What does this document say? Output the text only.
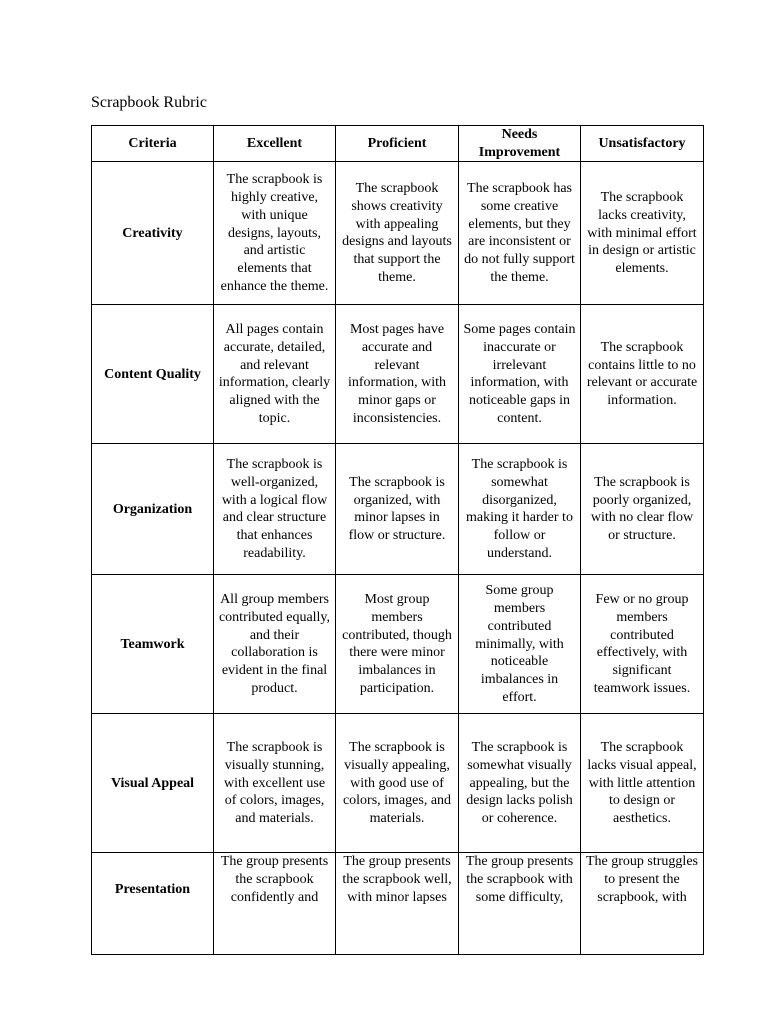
Scrapbook Rubric
Criteria	Excellent	Proficient	Needs Improvement	Unsatisfactory
Creativity	The scrapbook is highly creative, with unique designs, layouts, and artistic elements that enhance the theme.	The scrapbook shows creativity with appealing designs and layouts that support the theme.	The scrapbook has some creative elements, but they are inconsistent or do not fully support the theme.	The scrapbook lacks creativity, with minimal effort in design or artistic elements.
Content Quality	All pages contain accurate, detailed, and relevant information, clearly aligned with the topic.	Most pages have accurate and relevant information, with minor gaps or inconsistencies.	Some pages contain inaccurate or irrelevant information, with noticeable gaps in content.	The scrapbook contains little to no relevant or accurate information.
Organization	The scrapbook is well-organized, with a logical flow and clear structure that enhances readability.	The scrapbook is organized, with minor lapses in flow or structure.	The scrapbook is somewhat disorganized, making it harder to follow or understand.	The scrapbook is poorly organized, with no clear flow or structure.
Teamwork	All group members contributed equally, and their collaboration is evident in the final product.	Most group members contributed, though there were minor imbalances in participation.	Some group members contributed minimally, with noticeable imbalances in effort.	Few or no group members contributed effectively, with significant teamwork issues.
Visual Appeal	The scrapbook is visually stunning, with excellent use of colors, images, and materials.	The scrapbook is visually appealing, with good use of colors, images, and materials.	The scrapbook is somewhat visually appealing, but the design lacks polish or coherence.	The scrapbook lacks visual appeal, with little attention to design or aesthetics.
Presentation	The group presents the scrapbook confidently and	The group presents the scrapbook well, with minor lapses	The group presents the scrapbook with some difficulty,	The group struggles to present the scrapbook, with
